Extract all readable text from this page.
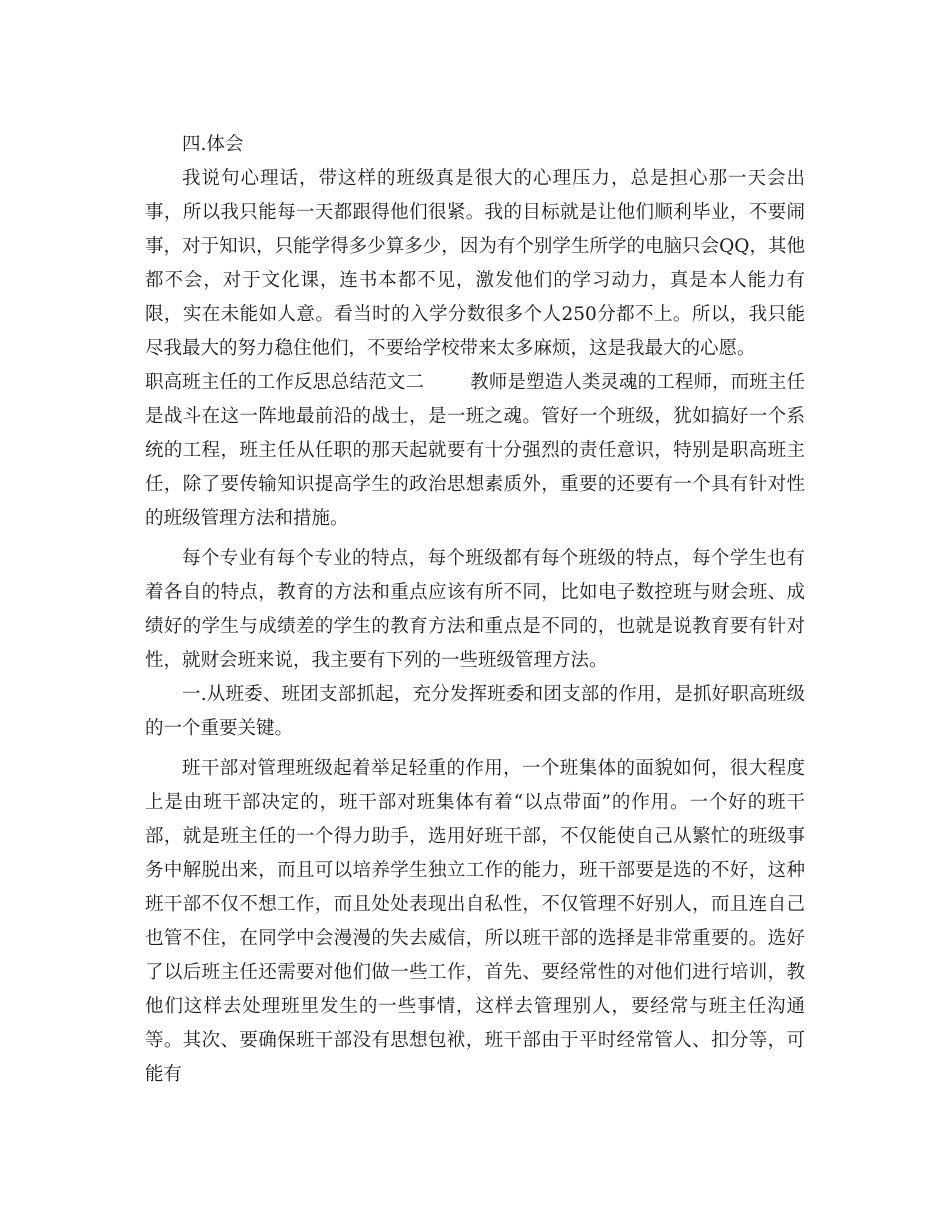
四.体会

我说句心理话，带这样的班级真是很大的心理压力，总是担心那一天会出事，所以我只能每一天都跟得他们很紧。我的目标就是让他们顺利毕业，不要闹事，对于知识，只能学得多少算多少，因为有个别学生所学的电脑只会QQ，其他都不会，对于文化课，连书本都不见，激发他们的学习动力，真是本人能力有限，实在未能如人意。看当时的入学分数很多个人250分都不上。所以，我只能尽我最大的努力稳住他们，不要给学校带来太多麻烦，这是我最大的心愿。

职高班主任的工作反思总结范文二 教师是塑造人类灵魂的工程师，而班主任是战斗在这一阵地最前沿的战士，是一班之魂。管好一个班级，犹如搞好一个系统的工程，班主任从任职的那天起就要有十分强烈的责任意识，特别是职高班主任，除了要传输知识提高学生的政治思想素质外，重要的还要有一个具有针对性的班级管理方法和措施。

每个专业有每个专业的特点，每个班级都有每个班级的特点，每个学生也有着各自的特点，教育的方法和重点应该有所不同，比如电子数控班与财会班、成绩好的学生与成绩差的学生的教育方法和重点是不同的，也就是说教育要有针对性，就财会班来说，我主要有下列的一些班级管理方法。

一.从班委、班团支部抓起，充分发挥班委和团支部的作用，是抓好职高班级的一个重要关键。

班干部对管理班级起着举足轻重的作用，一个班集体的面貌如何，很大程度上是由班干部决定的，班干部对班集体有着“以点带面”的作用。一个好的班干部，就是班主任的一个得力助手，选用好班干部，不仅能使自己从繁忙的班级事务中解脱出来，而且可以培养学生独立工作的能力，班干部要是选的不好，这种班干部不仅不想工作，而且处处表现出自私性，不仅管理不好别人，而且连自己也管不住，在同学中会漫漫的失去威信，所以班干部的选择是非常重要的。选好了以后班主任还需要对他们做一些工作，首先、要经常性的对他们进行培训，教他们这样去处理班里发生的一些事情，这样去管理别人，要经常与班主任沟通等。其次、要确保班干部没有思想包袱，班干部由于平时经常管人、扣分等，可能有
